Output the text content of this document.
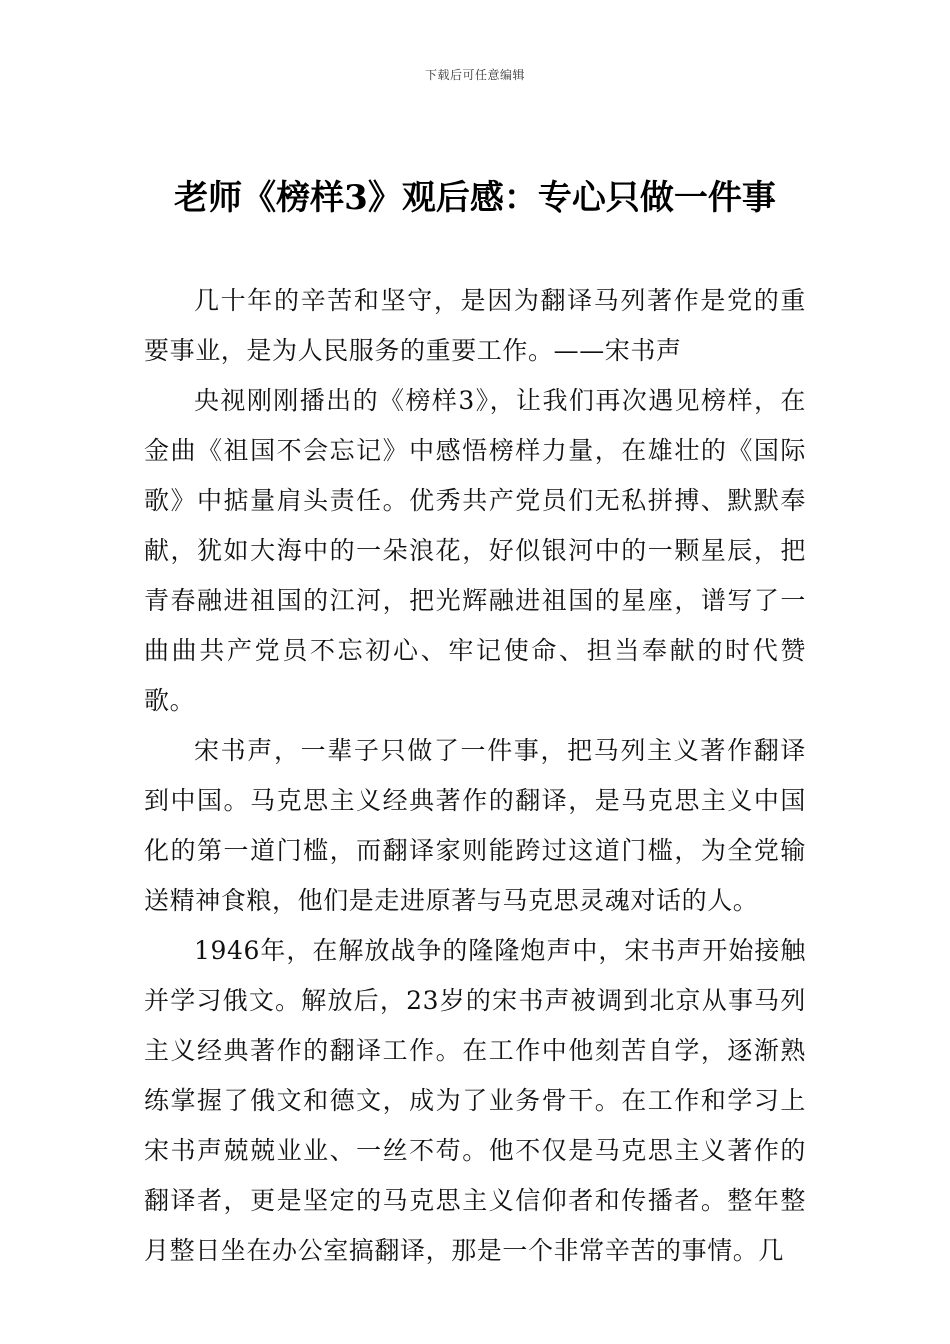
下载后可任意编辑
老师《榜样3》观后感：专心只做一件事

几十年的辛苦和坚守，是因为翻译马列著作是党的重要事业，是为人民服务的重要工作。——宋书声

央视刚刚播出的《榜样3》，让我们再次遇见榜样，在金曲《祖国不会忘记》中感悟榜样力量，在雄壮的《国际歌》中掂量肩头责任。优秀共产党员们无私拼搏、默默奉献，犹如大海中的一朵浪花，好似银河中的一颗星辰，把青春融进祖国的江河，把光辉融进祖国的星座，谱写了一曲曲共产党员不忘初心、牢记使命、担当奉献的时代赞歌。

宋书声，一辈子只做了一件事，把马列主义著作翻译到中国。马克思主义经典著作的翻译，是马克思主义中国化的第一道门槛，而翻译家则能跨过这道门槛，为全党输送精神食粮，他们是走进原著与马克思灵魂对话的人。

1946年，在解放战争的隆隆炮声中，宋书声开始接触并学习俄文。解放后，23岁的宋书声被调到北京从事马列主义经典著作的翻译工作。在工作中他刻苦自学，逐渐熟练掌握了俄文和德文，成为了业务骨干。在工作和学习上宋书声兢兢业业、一丝不苟。他不仅是马克思主义著作的翻译者，更是坚定的马克思主义信仰者和传播者。整年整月整日坐在办公室搞翻译，那是一个非常辛苦的事情。几
